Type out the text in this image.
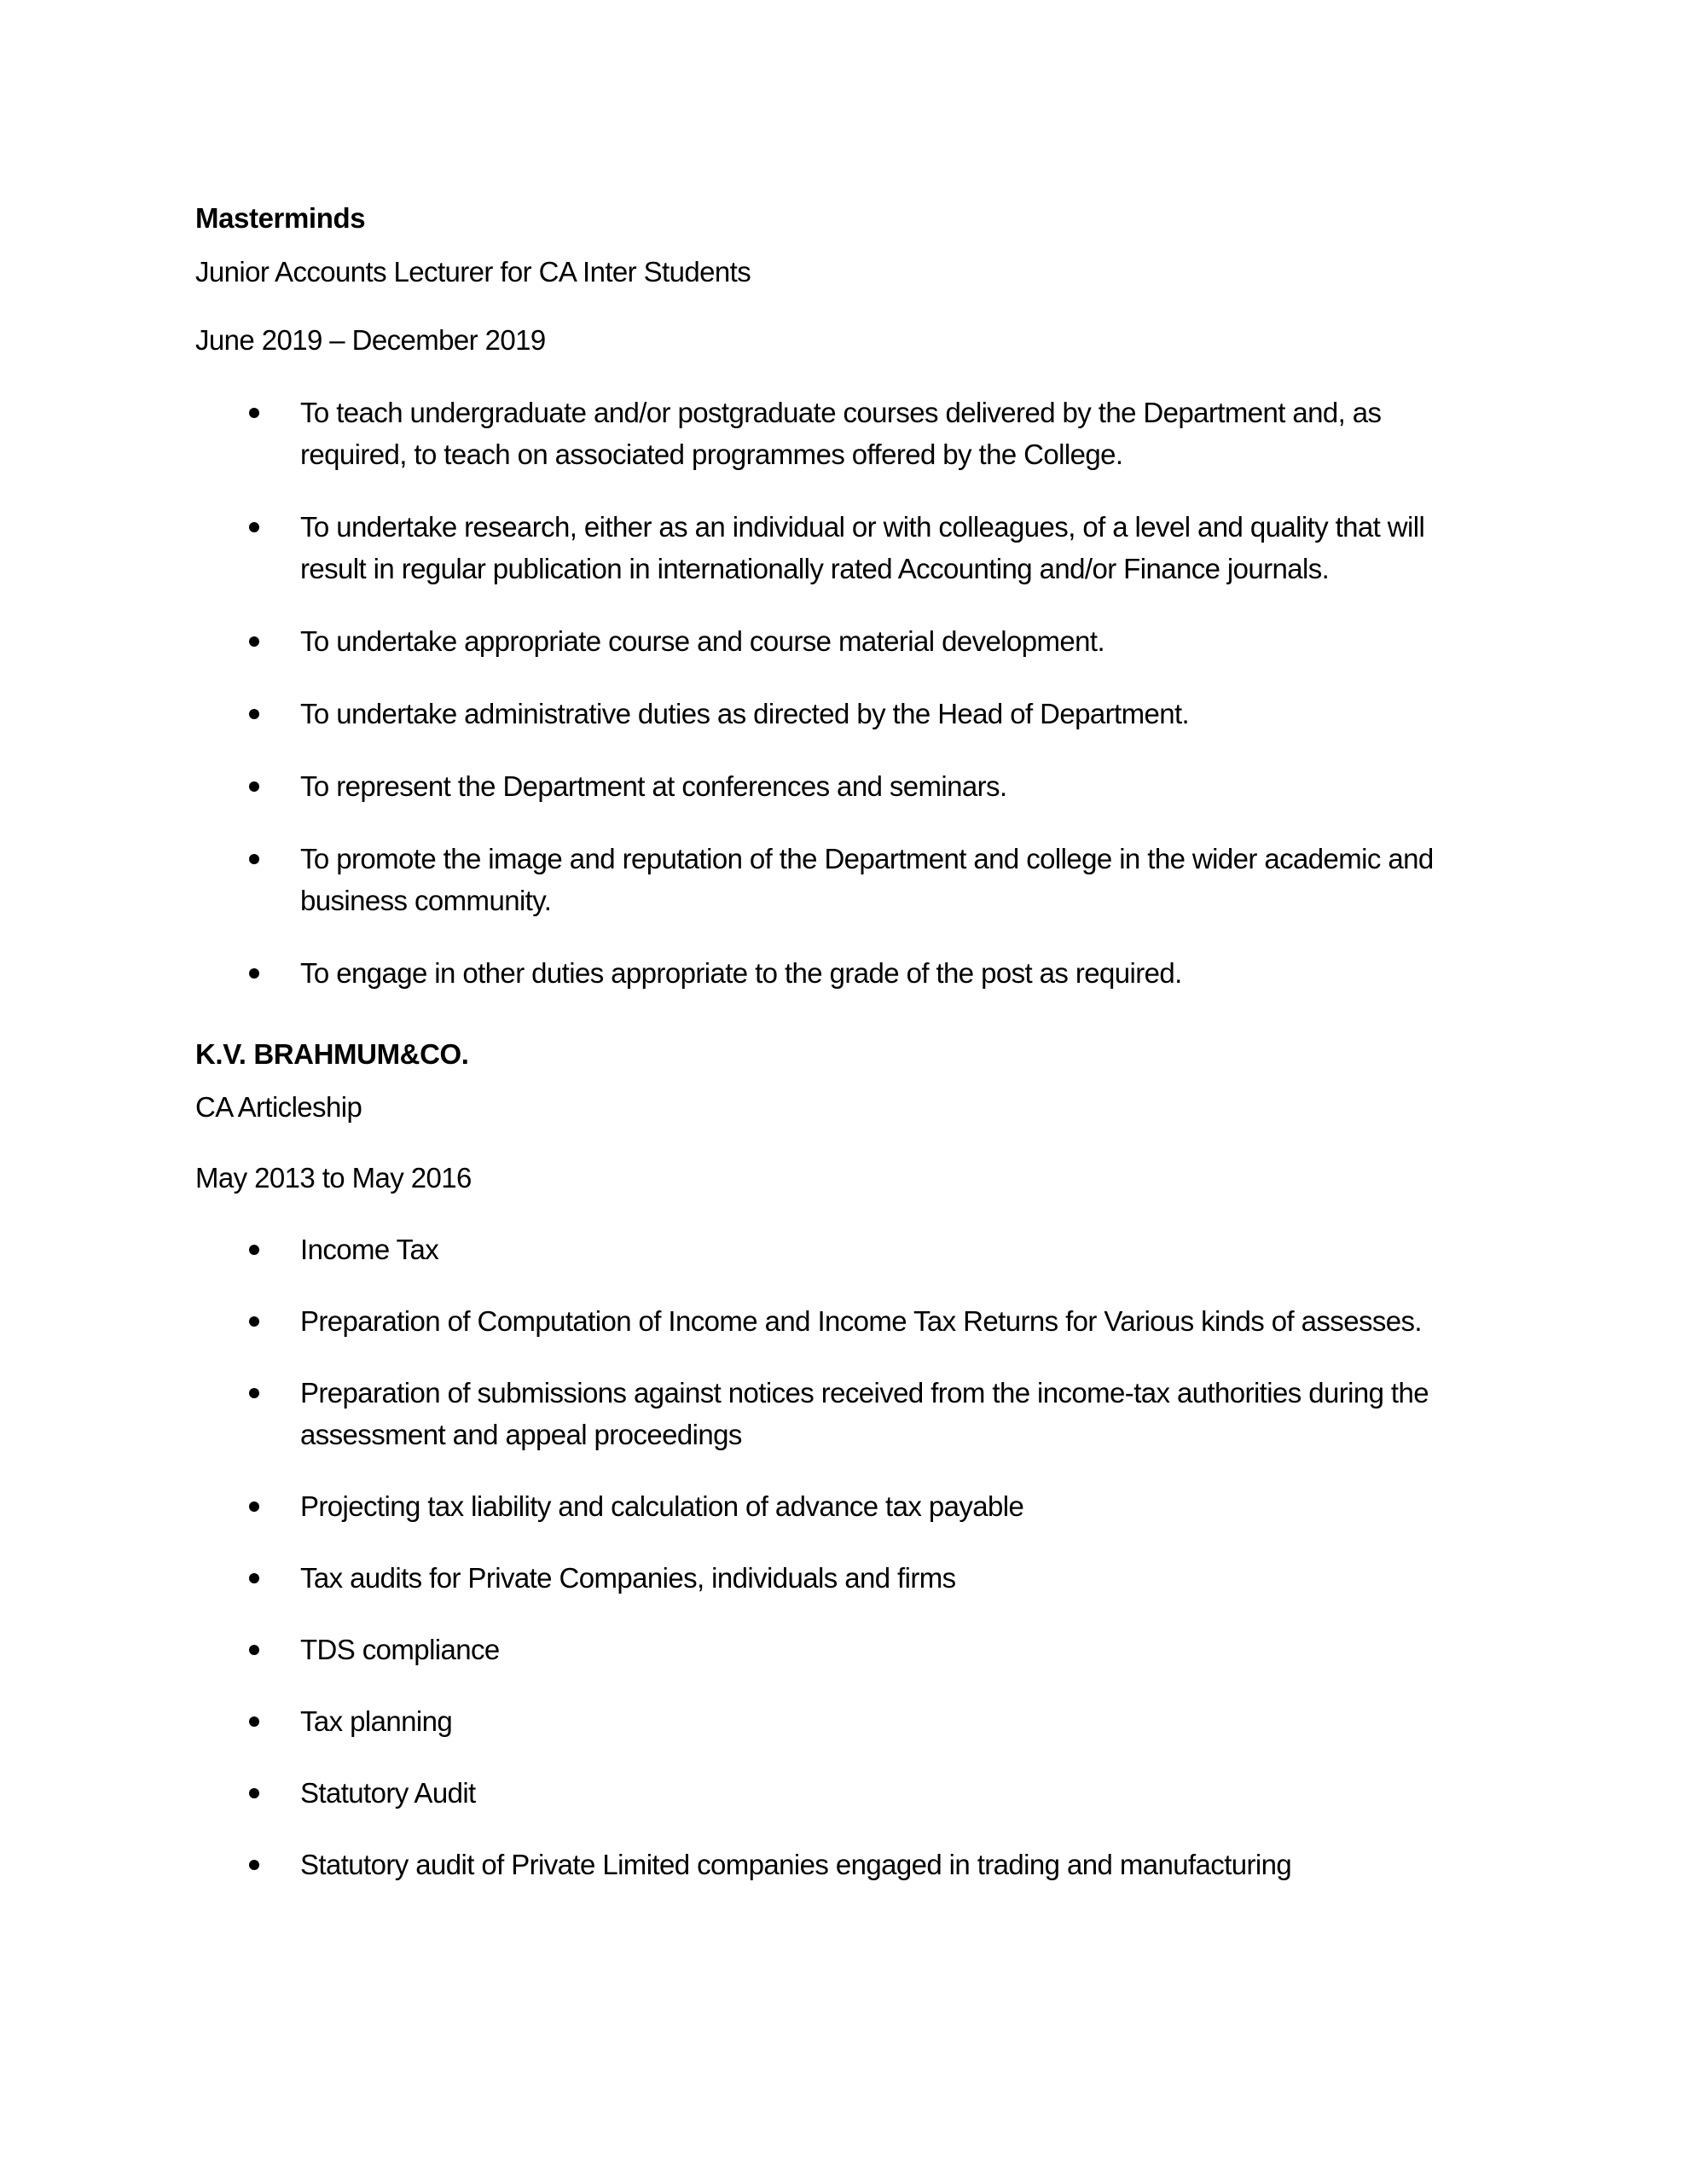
Masterminds
Junior Accounts Lecturer for CA Inter Students
June 2019 – December 2019
To teach undergraduate and/or postgraduate courses delivered by the Department and, as required, to teach on associated programmes offered by the College.
To undertake research, either as an individual or with colleagues, of a level and quality that will result in regular publication in internationally rated Accounting and/or Finance journals.
To undertake appropriate course and course material development.
To undertake administrative duties as directed by the Head of Department.
To represent the Department at conferences and seminars.
To promote the image and reputation of the Department and college in the wider academic and business community.
To engage in other duties appropriate to the grade of the post as required.
K.V. BRAHMUM&CO.
CA Articleship
May 2013 to May 2016
Income Tax
Preparation of Computation of Income and Income Tax Returns for Various kinds of assesses.
Preparation of submissions against notices received from the income-tax authorities during the assessment and appeal proceedings
Projecting tax liability and calculation of advance tax payable
Tax audits for Private Companies, individuals and firms
TDS compliance
Tax planning
Statutory Audit
Statutory audit of Private Limited companies engaged in trading and manufacturing
